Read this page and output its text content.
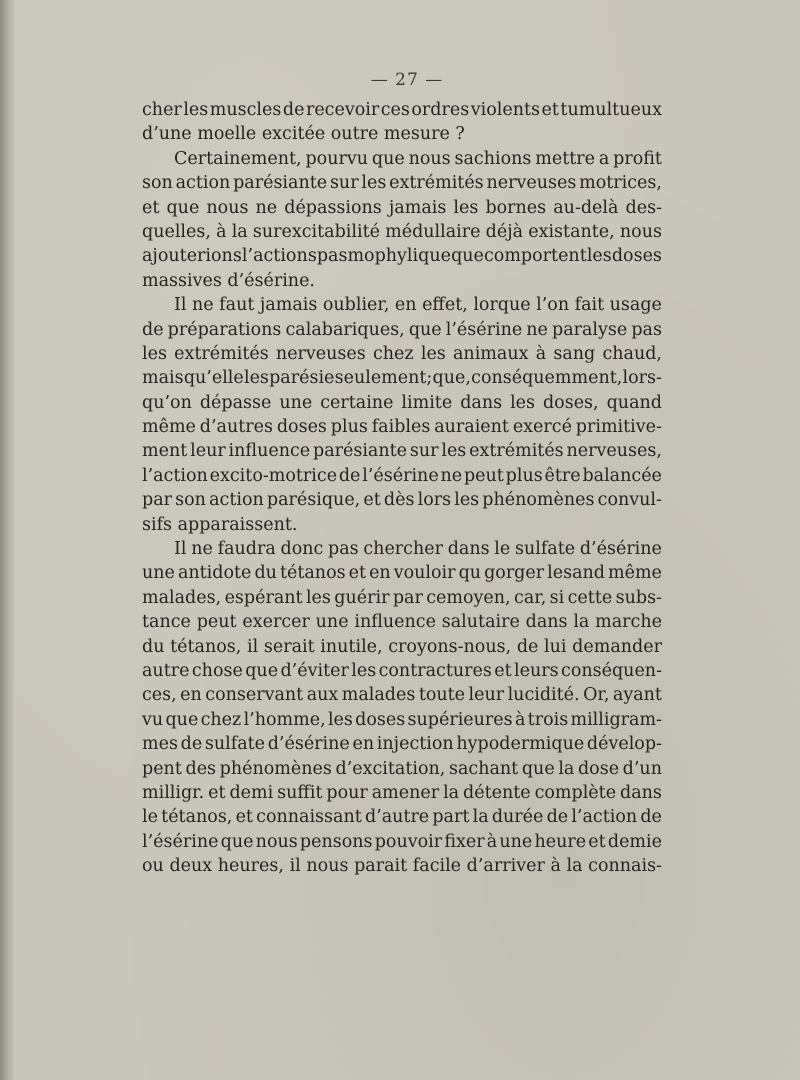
— 27 —
cher les muscles de recevoir ces ordres violents et tumultueux
d’une moelle excitée outre mesure ?
Certainement, pourvu que nous sachions mettre a profit
son action parésiante sur les extrémités nerveuses motrices,
et que nous ne dépassions jamais les bornes au-delà des-
quelles, à la surexcitabilité médullaire déjà existante, nous
ajouterions l’action spasmophylique que comportent les doses
massives d’ésérine.
Il ne faut jamais oublier, en effet, lorque l’on fait usage
de préparations calabariques, que l’ésérine ne paralyse pas
les extrémités nerveuses chez les animaux à sang chaud,
mais qu’elle les parésie seulement; que, conséquemment, lors-
qu’on dépasse une certaine limite dans les doses, quand
même d’autres doses plus faibles auraient exercé primitive-
ment leur influence parésiante sur les extrémités nerveuses,
l’action excito-motrice de l’ésérine ne peut plus être balancée
par son action parésique, et dès lors les phénomènes convul-
sifs apparaissent.
Il ne faudra donc pas chercher dans le sulfate d’ésérine
une antidote du tétanos et en vouloir qu gorger lesand même
malades, espérant les guérir par cemoyen, car, si cette subs-
tance peut exercer une influence salutaire dans la marche
du tétanos, il serait inutile, croyons-nous, de lui demander
autre chose que d’éviter les contractures et leurs conséquen-
ces, en conservant aux malades toute leur lucidité. Or, ayant
vu que chez l’homme, les doses supérieures à trois milligram-
mes de sulfate d’ésérine en injection hypodermique dévelop-
pent des phénomènes d’excitation, sachant que la dose d’un
milligr. et demi suffit pour amener la détente complète dans
le tétanos, et connaissant d’autre part la durée de l’action de
l’ésérine que nous pensons pouvoir fixer à une heure et demie
ou deux heures, il nous parait facile d’arriver à la connais-
